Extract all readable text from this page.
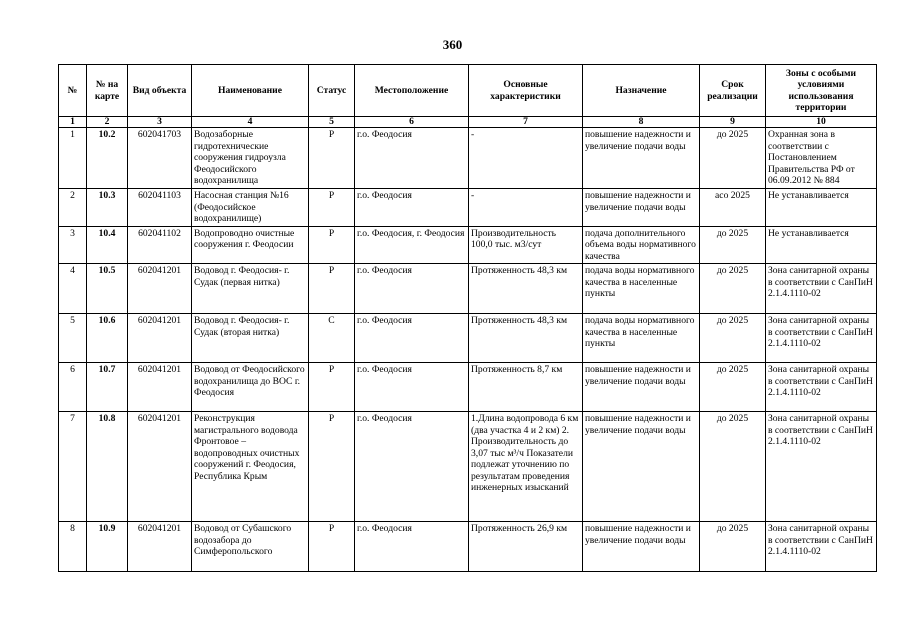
360
№	№ на карте	Вид объекта	Наименование	Статус	Местоположение	Основные характеристики	Назначение	Срок реализации	Зоны с особыми условиями использования территории
1	2	3	4	5	6	7	8	9	10
1	10.2	602041703	Водозаборные гидротехнические сооружения гидроузла Феодосийского водохранилища	Р	г.о. Феодосия	-	повышение надежности и увеличение подачи воды	до 2025	Охранная зона в соответствии с Постановлением Правительства РФ от 06.09.2012 № 884
2	10.3	602041103	Насосная станция №16 (Феодосийское водохранилище)	Р	г.о. Феодосия	-	повышение надежности и увеличение подачи воды	асо 2025	Не устанавливается
3	10.4	602041102	Водопроводно очистные сооружения г. Феодосии	Р	г.о. Феодосия, г. Феодосия	Производительность 100,0 тыс. м3/сут	подача дополнительного объема воды нормативного качества	до 2025	Не устанавливается
4	10.5	602041201	Водовод г. Феодосия- г. Судак (первая нитка)	Р	г.о. Феодосия	Протяженность 48,3 км	подача воды нормативного качества в населенные пункты	до 2025	Зона санитарной охраны в соответствии с СанПиН 2.1.4.1110-02
5	10.6	602041201	Водовод г. Феодосия- г. Судак (вторая нитка)	С	г.о. Феодосия	Протяженность 48,3 км	подача воды нормативного качества в населенные пункты	до 2025	Зона санитарной охраны в соответствии с СанПиН 2.1.4.1110-02
6	10.7	602041201	Водовод от Феодосийского водохранилища до ВОС г. Феодосия	Р	г.о. Феодосия	Протяженность 8,7 км	повышение надежности и увеличение подачи воды	до 2025	Зона санитарной охраны в соответствии с СанПиН 2.1.4.1110-02
7	10.8	602041201	Реконструкция магистрального водовода Фронтовое – водопроводных очистных сооружений г. Феодосия, Республика Крым	Р	г.о. Феодосия	1.Длина водопровода 6 км (два участка 4 и 2 км) 2. Производительность до 3,07 тыс м³/ч Показатели подлежат уточнению по результатам проведения инженерных изысканий	повышение надежности и увеличение подачи воды	до 2025	Зона санитарной охраны в соответствии с СанПиН 2.1.4.1110-02
8	10.9	602041201	Водовод от Субашского водозабора до Симферопольского	Р	г.о. Феодосия	Протяженность 26,9 км	повышение надежности и увеличение подачи воды	до 2025	Зона санитарной охраны в соответствии с СанПиН 2.1.4.1110-02
